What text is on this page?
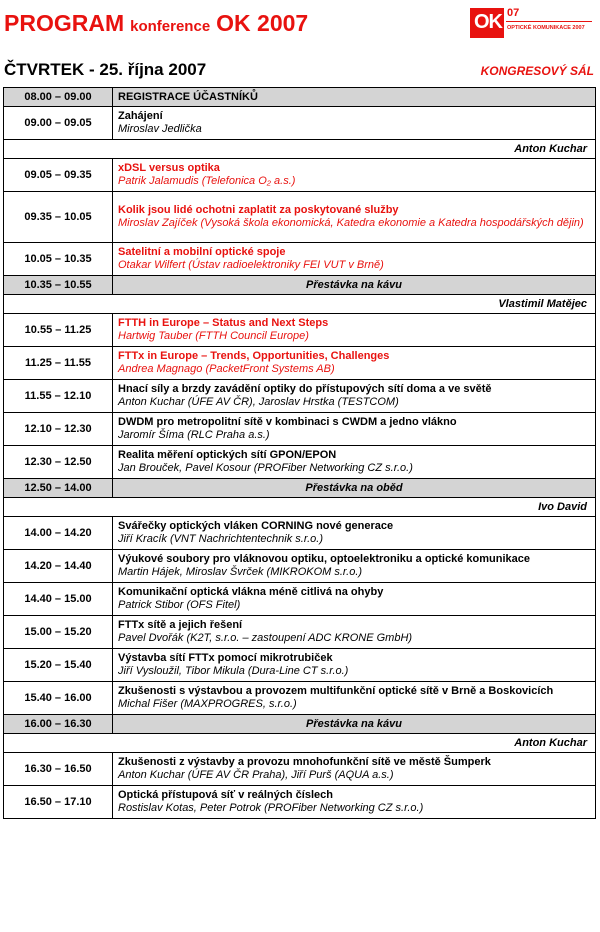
PROGRAM konference OK 2007	OK 07
OPTICKÉ KOMUNIKACE 2007
ČTVRTEK - 25. října 2007	KONGRESOVÝ SÁL
08.00 – 09.00	REGISTRACE ÚČASTNÍKŮ

09.00 – 09.05	Zahájení
Miroslav Jedlička

Anton Kuchar	
09.05 – 09.35	xDSL versus optika
Patrik Jalamudis (Telefonica O₂ a.s.)

09.35 – 10.05	Kolik jsou lidé ochotni zaplatit za poskytované služby
Miroslav Zajíček (Vysoká škola ekonomická, Katedra ekonomie a Katedra hospodářských dějin)

10.05 – 10.35	Satelitní a mobilní optické spoje
Otakar Wilfert (Ústav radioelektroniky FEI VUT v Brně)

10.35 – 10.55	Přestávka na kávu
Vlastimil Matějec	
10.55 – 11.25	FTTH in Europe – Status and Next Steps
Hartwig Tauber (FTTH Council Europe)

11.25 – 11.55	FTTx in Europe – Trends, Opportunities, Challenges
Andrea Magnago (PacketFront Systems AB)

11.55 – 12.10	Hnací síly a brzdy zavádění optiky do přístupových sítí doma a ve světě
Anton Kuchar (ÚFE AV ČR), Jaroslav Hrstka (TESTCOM)

12.10 – 12.30	DWDM pro metropolitní sítě v kombinaci s CWDM a jedno vlákno
Jaromír Šíma (RLC Praha a.s.)

12.30 – 12.50	Realita měření optických sítí GPON/EPON
Jan Brouček, Pavel Kosour (PROFiber Networking CZ s.r.o.)

12.50 – 14.00	Přestávka na oběd
Ivo David	
14.00 – 14.20	Svářečky optických vláken CORNING nové generace
Jiří Kracík (VNT Nachrichtentechnik s.r.o.)

14.20 – 14.40	Výukové soubory pro vláknovou optiku, optoelektroniku a optické komunikace
Martin Hájek, Miroslav Švrček (MIKROKOM s.r.o.)

14.40 – 15.00	Komunikační optická vlákna méně citlivá na ohyby
Patrick Stibor (OFS Fitel)

15.00 – 15.20	FTTx sítě a jejich řešení
Pavel Dvořák (K2T, s.r.o. – zastoupení ADC KRONE GmbH)

15.20 – 15.40	Výstavba sítí FTTx pomocí mikrotrubiček
Jiří Vysloužil, Tibor Mikula (Dura-Line CT s.r.o.)

15.40 – 16.00	Zkušenosti s výstavbou a provozem multifunkční optické sítě v Brně a Boskovicích
Michal Fišer (MAXPROGRES, s.r.o.)

16.00 – 16.30	Přestávka na kávu
Anton Kuchar	
16.30 – 16.50	Zkušenosti z výstavby a provozu mnohofunkční sítě ve městě Šumperk
Anton Kuchar (ÚFE AV ČR Praha), Jiří Purš (AQUA a.s.)

16.50 – 17.10	Optická přístupová síť v reálných číslech
Rostislav Kotas, Peter Potrok (PROFiber Networking CZ s.r.o.)
